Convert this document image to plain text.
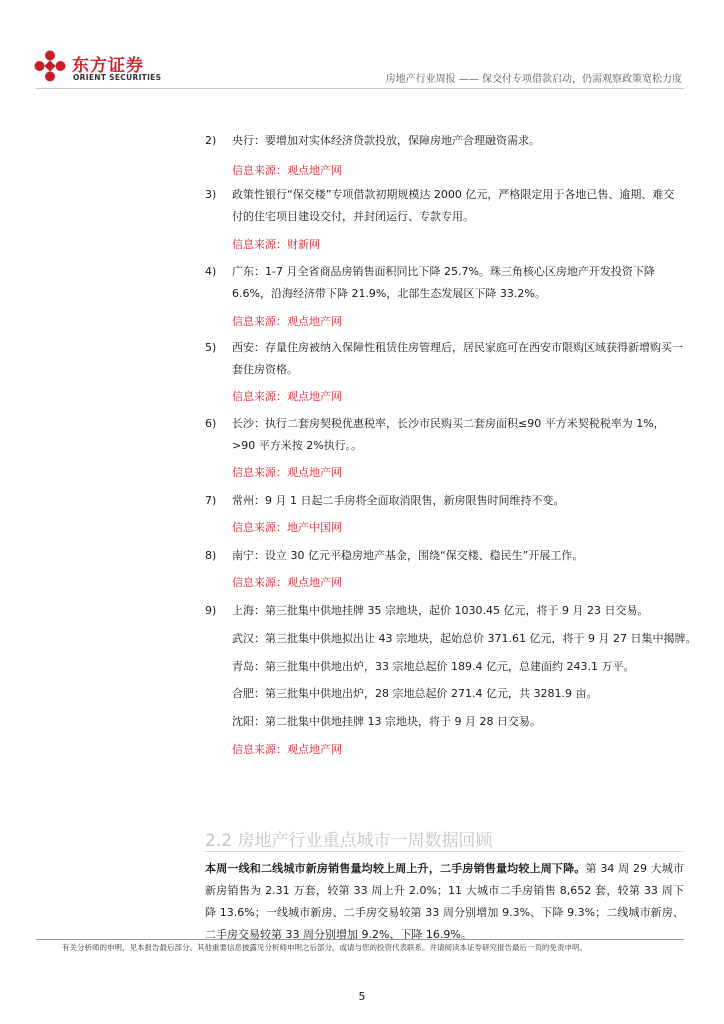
东方证券
ORIENT SECURITIES	房地产行业周报 —— 保交付专项借款启动，仍需观察政策宽松力度
2) 央行：要增加对实体经济贷款投放，保障房地产合理融资需求。
信息来源：观点地产网
3) 政策性银行“保交楼”专项借款初期规模达 2000 亿元，严格限定用于各地已售、逾期、难交付的住宅项目建设交付，并封闭运行、专款专用。
信息来源：财新网
4) 广东：1-7 月全省商品房销售面积同比下降 25.7%。珠三角核心区房地产开发投资下降 6.6%，沿海经济带下降 21.9%，北部生态发展区下降 33.2%。
信息来源：观点地产网
5) 西安：存量住房被纳入保障性租赁住房管理后，居民家庭可在西安市限购区域获得新增购买一套住房资格。
信息来源：观点地产网
6) 长沙：执行二套房契税优惠税率，长沙市民购买二套房面积≤90 平方米契税税率为 1%，>90 平方米按 2%执行。。
信息来源：观点地产网
7) 常州：9 月 1 日起二手房将全面取消限售，新房限售时间维持不变。
信息来源：地产中国网
8) 南宁：设立 30 亿元平稳房地产基金，围绕“保交楼、稳民生”开展工作。
信息来源：观点地产网
9) 上海：第三批集中供地挂牌 35 宗地块，起价 1030.45 亿元，将于 9 月 23 日交易。
武汉：第三批集中供地拟出让 43 宗地块，起始总价 371.61 亿元，将于 9 月 27 日集中揭牌。
青岛：第三批集中供地出炉，33 宗地总起价 189.4 亿元，总建面约 243.1 万平。
合肥：第三批集中供地出炉，28 宗地总起价 271.4 亿元，共 3281.9 亩。
沈阳：第二批集中供地挂牌 13 宗地块，将于 9 月 28 日交易。
信息来源：观点地产网
2.2 房地产行业重点城市一周数据回顾
本周一线和二线城市新房销售量均较上周上升，二手房销售量均较上周下降。第 34 周 29 大城市新房销售为 2.31 万套，较第 33 周上升 2.0%；11 大城市二手房销售 8,652 套，较第 33 周下降 13.6%；一线城市新房、二手房交易较第 33 周分别增加 9.3%、下降 9.3%；二线城市新房、二手房交易较第 33 周分别增加 9.2%、下降 16.9%。
有关分析师的申明，见本报告最后部分。其他重要信息披露见分析师申明之后部分，或请与您的投资代表联系。并请阅读本证券研究报告最后一页的免责申明。
5
